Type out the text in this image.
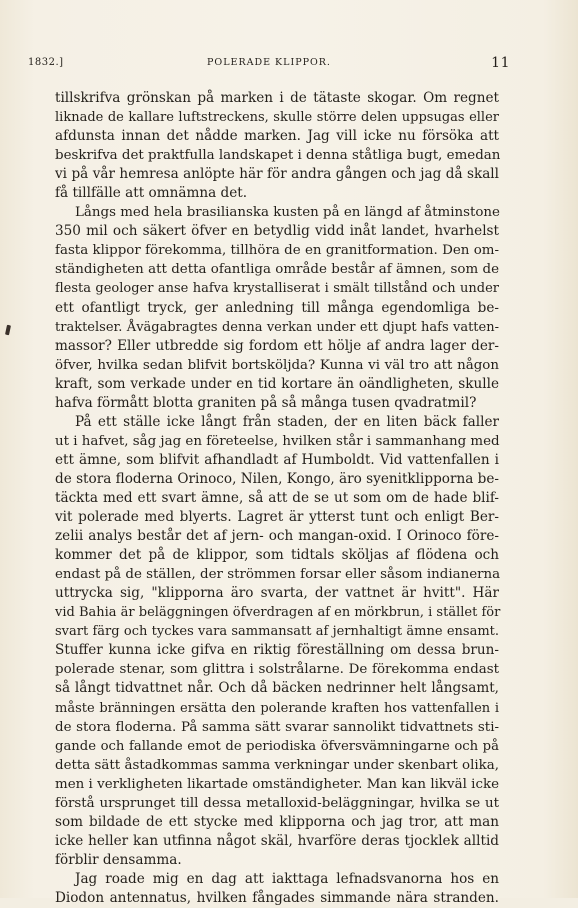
1832.]	POLERADE KLIPPOR.	11
tillskrifva grönskan på marken i de tätaste skogar. Om regnet
liknade de kallare luftstreckens, skulle större delen uppsugas eller
afdunsta innan det nådde marken. Jag vill icke nu försöka att
beskrifva det praktfulla landskapet i denna ståtliga bugt, emedan
vi på vår hemresa anlöpte här för andra gången och jag då skall
få tillfälle att omnämna det.
Långs med hela brasilianska kusten på en längd af åtminstone
350 mil och säkert öfver en betydlig vidd inåt landet, hvarhelst
fasta klippor förekomma, tillhöra de en granitformation. Den om-
ständigheten att detta ofantliga område består af ämnen, som de
flesta geologer anse hafva krystalliserat i smält tillstånd och under
ett ofantligt tryck, ger anledning till många egendomliga be-
traktelser. Åvägabragtes denna verkan under ett djupt hafs vatten-
massor? Eller utbredde sig fordom ett hölje af andra lager der-
öfver, hvilka sedan blifvit bortsköljda? Kunna vi väl tro att någon
kraft, som verkade under en tid kortare än oändligheten, skulle
hafva förmått blotta graniten på så många tusen qvadratmil?
På ett ställe icke långt från staden, der en liten bäck faller
ut i hafvet, såg jag en företeelse, hvilken står i sammanhang med
ett ämne, som blifvit afhandladt af Humboldt. Vid vattenfallen i
de stora floderna Orinoco, Nilen, Kongo, äro syenitklipporna be-
täckta med ett svart ämne, så att de se ut som om de hade blif-
vit polerade med blyerts. Lagret är ytterst tunt och enligt Ber-
zelii analys består det af jern- och mangan-oxid. I Orinoco före-
kommer det på de klippor, som tidtals sköljas af flödena och
endast på de ställen, der strömmen forsar eller såsom indianerna
uttrycka sig, "klipporna äro svarta, der vattnet är hvitt". Här
vid Bahia är beläggningen öfverdragen af en mörkbrun, i stället för
svart färg och tyckes vara sammansatt af jernhaltigt ämne ensamt.
Stuffer kunna icke gifva en riktig föreställning om dessa brun-
polerade stenar, som glittra i solstrålarne. De förekomma endast
så långt tidvattnet når. Och då bäcken nedrinner helt långsamt,
måste bränningen ersätta den polerande kraften hos vattenfallen i
de stora floderna. På samma sätt svarar sannolikt tidvattnets sti-
gande och fallande emot de periodiska öfversvämningarne och på
detta sätt åstadkommas samma verkningar under skenbart olika,
men i verkligheten likartade omständigheter. Man kan likväl icke
förstå ursprunget till dessa metalloxid-beläggningar, hvilka se ut
som bildade de ett stycke med klipporna och jag tror, att man
icke heller kan utfinna något skäl, hvarföre deras tjocklek alltid
förblir densamma.
Jag roade mig en dag att iakttaga lefnadsvanorna hos en
Diodon antennatus, hvilken fångades simmande nära stranden.
